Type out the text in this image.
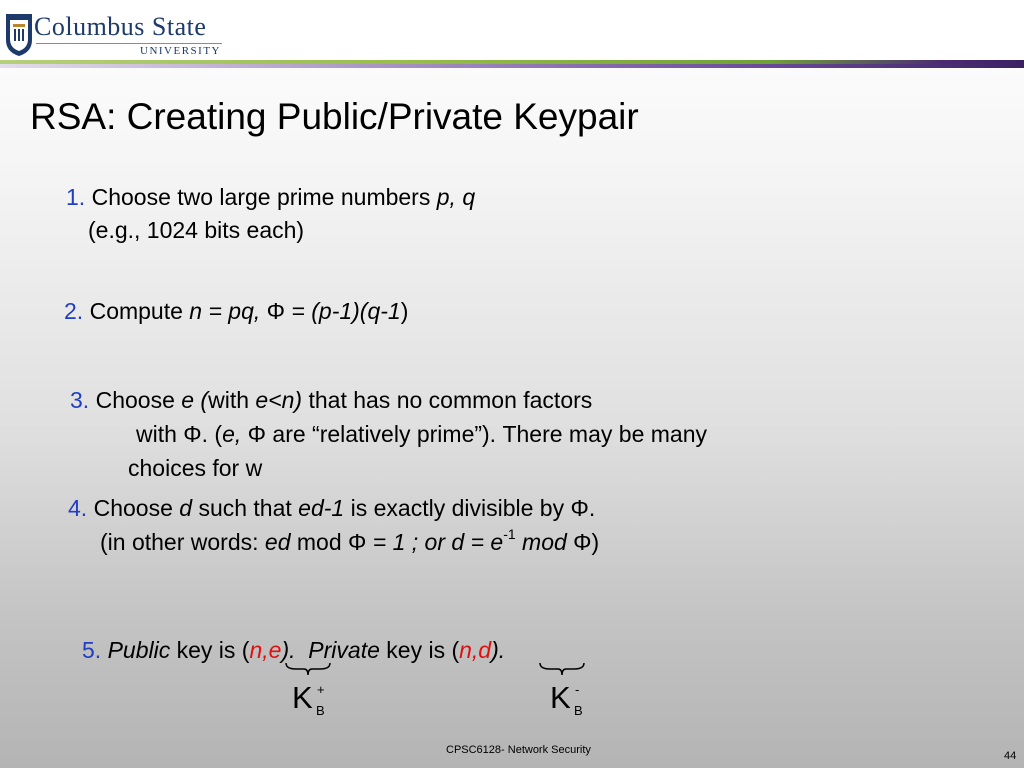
Columbus State
UNIVERSITY
RSA: Creating Public/Private Keypair
1. Choose two large prime numbers p, q
(e.g., 1024 bits each)
2. Compute n = pq, Φ = (p-1)(q-1)
3. Choose e (with e<n) that has no common factors
with Φ. (e, Φ are “relatively prime”). There may be many
choices for w
4. Choose d such that ed-1 is exactly divisible by Φ.
(in other words: ed mod Φ = 1 ; or $d = e^{-1}$ mod Φ)
5. Public key is (n,e). Private key is (n,d).
K +
B	K -
B
CPSC6128- Network Security	44
